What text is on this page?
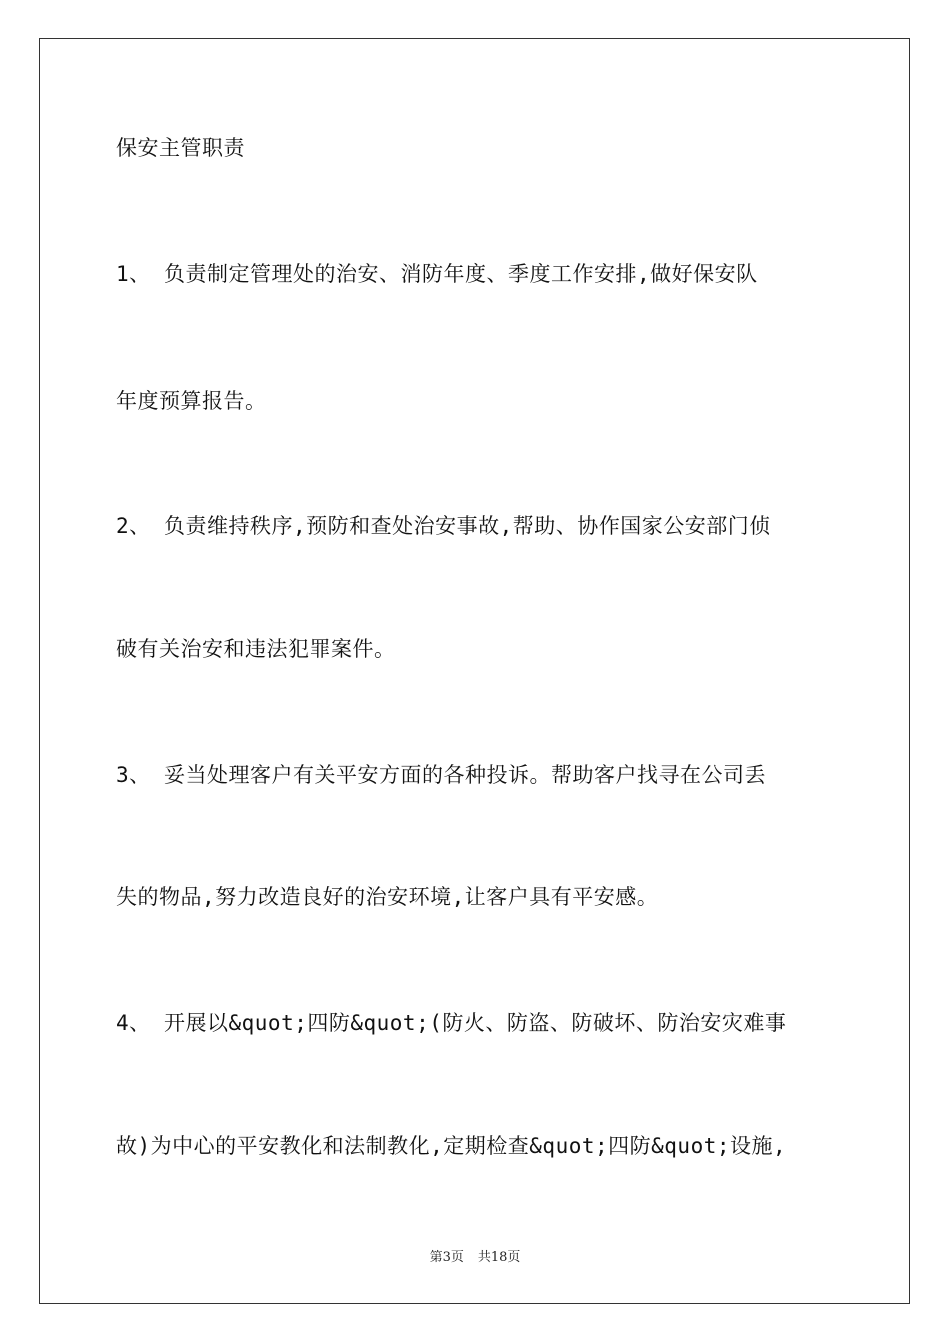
保安主管职责
1、 负责制定管理处的治安、消防年度、季度工作安排,做好保安队
年度预算报告。
2、 负责维持秩序,预防和查处治安事故,帮助、协作国家公安部门侦
破有关治安和违法犯罪案件。
3、 妥当处理客户有关平安方面的各种投诉。帮助客户找寻在公司丢
失的物品,努力改造良好的治安环境,让客户具有平安感。
4、 开展以&quot;四防&quot;(防火、防盗、防破坏、防治安灾难事
故)为中心的平安教化和法制教化,定期检查&quot;四防&quot;设施,
第3页 共18页
